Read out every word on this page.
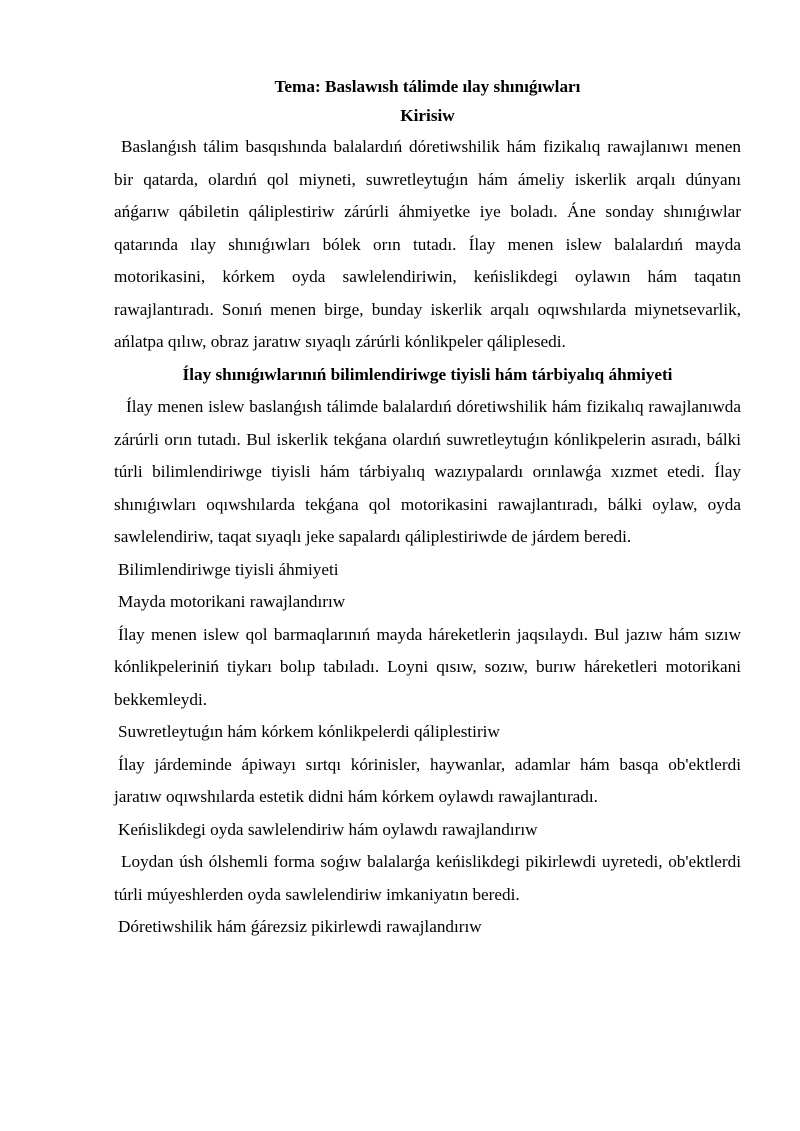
Tema: Baslawısh tálimde ılay shınıǵıwları

Kirisiw

Baslanǵısh tálim basqıshında balalardıń dóretiwshilik hám fizikalıq rawajlanıwı menen bir qatarda, olardıń qol miyneti, suwretleytuǵın hám ámeliy iskerlik arqalı dúnyanı ańǵarıw qábiletin qáliplestiriw zárúrli áhmiyetke iye boladı. Áne sonday shınıǵıwlar qatarında ılay shınıǵıwları bólek orın tutadı. Ílay menen islew balalardıń mayda motorikasini, kórkem oyda sawlelendiriwin, keńislikdegi oylawın hám taqatın rawajlantıradı. Sonıń menen birge, bunday iskerlik arqalı oqıwshılarda miynetsevarlik, ańlatpa qılıw, obraz jaratıw sıyaqlı zárúrli kónlikpeler qáliplesedi.

Ílay shınıǵıwlarınıń bilimlendiriwge tiyisli hám tárbiyalıq áhmiyeti

Ílay menen islew baslanǵısh tálimde balalardıń dóretiwshilik hám fizikalıq rawajlanıwda zárúrli orın tutadı. Bul iskerlik tekǵana olardıń suwretleytuǵın kónlikpelerin asıradı, bálki túrli bilimlendiriwge tiyisli hám tárbiyalıq wazıypalardı orınlawǵa xızmet etedi. Ílay shınıǵıwları oqıwshılarda tekǵana qol motorikasini rawajlantıradı, bálki oylaw, oyda sawlelendiriw, taqat sıyaqlı jeke sapalardı qáliplestiriwde de járdem beredi.

Bilimlendiriwge tiyisli áhmiyeti

Mayda motorikani rawajlandırıw

Ílay menen islew qol barmaqlarınıń mayda háreketlerin jaqsılaydı. Bul jazıw hám sızıw kónlikpeleriniń tiykarı bolıp tabıladı. Loyni qısıw, sozıw, burıw háreketleri motorikani bekkemleydi.

Suwretleytuǵın hám kórkem kónlikpelerdi qáliplestiriw

Ílay járdeminde ápiwayı sırtqı kórinisler, haywanlar, adamlar hám basqa ob'ektlerdi jaratıw oqıwshılarda estetik didni hám kórkem oylawdı rawajlantıradı.

Keńislikdegi oyda sawlelendiriw hám oylawdı rawajlandırıw

Loydan úsh ólshemli forma soǵıw balalarǵa keńislikdegi pikirlewdi uyretedi, ob'ektlerdi túrli múyeshlerden oyda sawlelendiriw imkaniyatın beredi.

Dóretiwshilik hám ǵárezsiz pikirlewdi rawajlandırıw
